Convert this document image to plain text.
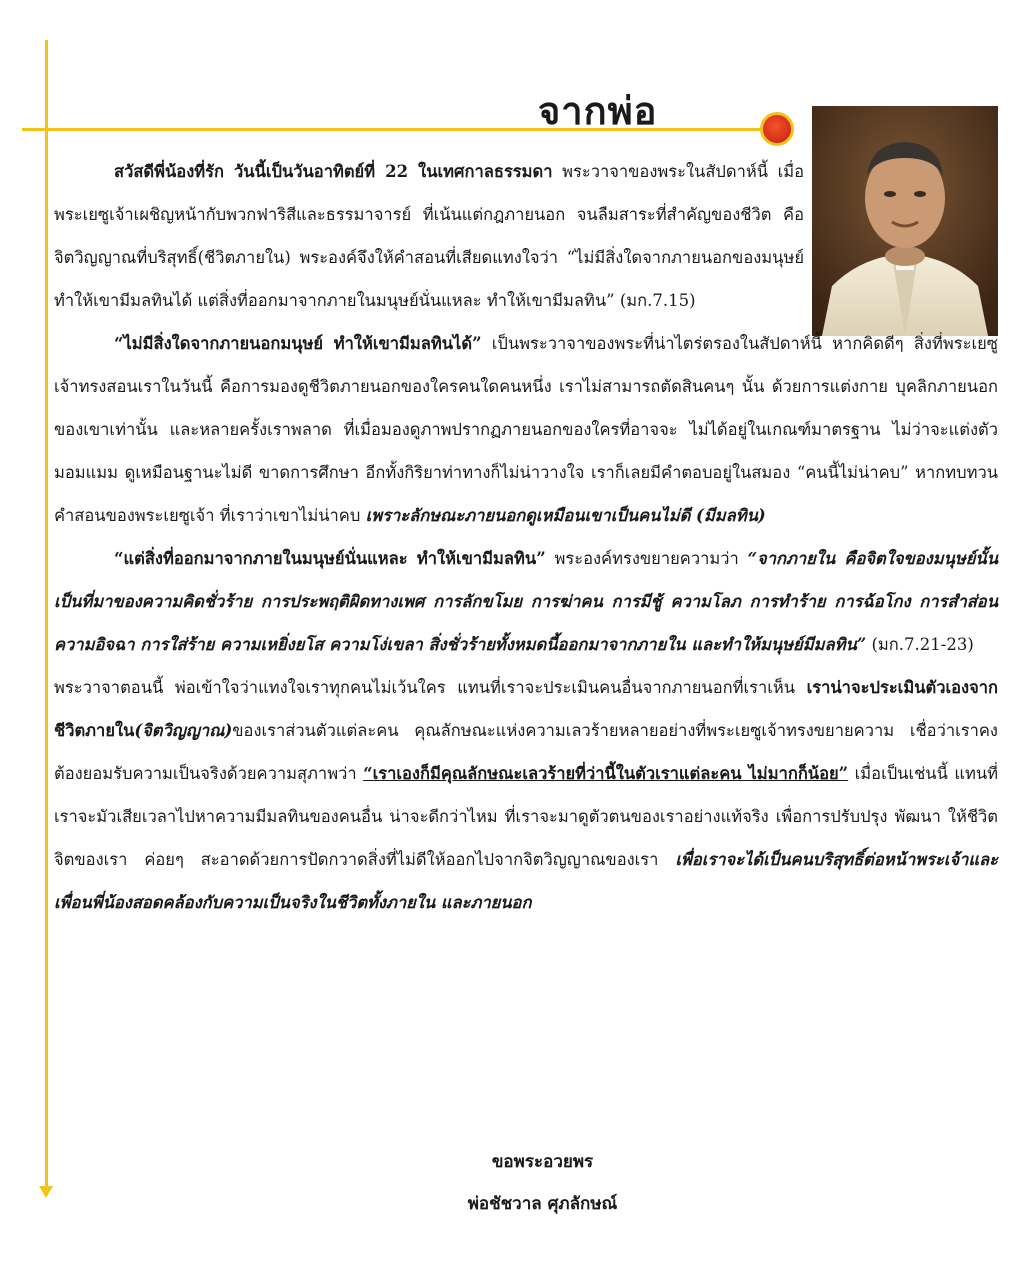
จากพ่อ

สวัสดีพี่น้องที่รัก วันนี้เป็นวันอาทิตย์ที่ 22 ในเทศกาลธรรมดา พระวาจาของพระในสัปดาห์นี้ เมื่อพระเยซูเจ้าเผชิญหน้ากับพวกฟาริสีและธรรมาจารย์ ที่เน้นแต่กฎภายนอก จนลืมสาระที่สำคัญของชีวิต คือ จิตวิญญาณที่บริสุทธิ์(ชีวิตภายใน) พระองค์จึงให้คำสอนที่เสียดแทงใจว่า “ไม่มีสิ่งใดจากภายนอกของมนุษย์ ทำให้เขามีมลทินได้ แต่สิ่งที่ออกมาจากภายในมนุษย์นั่นแหละ ทำให้เขามีมลทิน” (มก.7.15)

“ไม่มีสิ่งใดจากภายนอกมนุษย์ ทำให้เขามีมลทินได้” เป็นพระวาจาของพระที่น่าไตร่ตรองในสัปดาห์นี้ หากคิดดีๆ สิ่งที่พระเยซูเจ้าทรงสอนเราในวันนี้ คือการมองดูชีวิตภายนอกของใครคนใดคนหนึ่ง เราไม่สามารถตัดสินคนๆ นั้น ด้วยการแต่งกาย บุคลิกภายนอกของเขาเท่านั้น และหลายครั้งเราพลาด ที่เมื่อมองดูภาพปรากฏภายนอกของใครที่อาจจะ ไม่ได้อยู่ในเกณฑ์มาตรฐาน ไม่ว่าจะแต่งตัวมอมแมม ดูเหมือนฐานะไม่ดี ขาดการศึกษา อีกทั้งกิริยาท่าทางก็ไม่น่าวางใจ เราก็เลยมีคำตอบอยู่ในสมอง “คนนี้ไม่น่าคบ” หากทบทวนคำสอนของพระเยซูเจ้า ที่เราว่าเขาไม่น่าคบ เพราะลักษณะภายนอกดูเหมือนเขาเป็นคนไม่ดี (มีมลทิน)

“แต่สิ่งที่ออกมาจากภายในมนุษย์นั่นแหละ ทำให้เขามีมลทิน” พระองค์ทรงขยายความว่า “จากภายใน คือจิตใจของมนุษย์นั้น เป็นที่มาของความคิดชั่วร้าย การประพฤติผิดทางเพศ การลักขโมย การฆ่าคน การมีชู้ ความโลภ การทำร้าย การฉ้อโกง การสำส่อน ความอิจฉา การใส่ร้าย ความเหยิ่งยโส ความโง่เขลา สิ่งชั่วร้ายทั้งหมดนี้ออกมาจากภายใน และทำให้มนุษย์มีมลทิน” (มก.7.21-23)

พระวาจาตอนนี้ พ่อเข้าใจว่าแทงใจเราทุกคนไม่เว้นใคร แทนที่เราจะประเมินคนอื่นจากภายนอกที่เราเห็น เราน่าจะประเมินตัวเองจากชีวิตภายใน(จิตวิญญาณ)ของเราส่วนตัวแต่ละคน คุณลักษณะแห่งความเลวร้ายหลายอย่างที่พระเยซูเจ้าทรงขยายความ เชื่อว่าเราคงต้องยอมรับความเป็นจริงด้วยความสุภาพว่า “เราเองก็มีคุณลักษณะเลวร้ายที่ว่านี้ในตัวเราแต่ละคน ไม่มากก็น้อย” เมื่อเป็นเช่นนี้ แทนที่เราจะมัวเสียเวลาไปหาความมีมลทินของคนอื่น น่าจะดีกว่าไหม ที่เราจะมาดูตัวตนของเราอย่างแท้จริง เพื่อการปรับปรุง พัฒนา ให้ชีวิตจิตของเรา ค่อยๆ สะอาดด้วยการปัดกวาดสิ่งที่ไม่ดีให้ออกไปจากจิตวิญญาณของเรา เพื่อเราจะได้เป็นคนบริสุทธิ์ต่อหน้าพระเจ้าและเพื่อนพี่น้องสอดคล้องกับความเป็นจริงในชีวิตทั้งภายใน และภายนอก

ขอพระอวยพร
พ่อชัชวาล ศุภลักษณ์
